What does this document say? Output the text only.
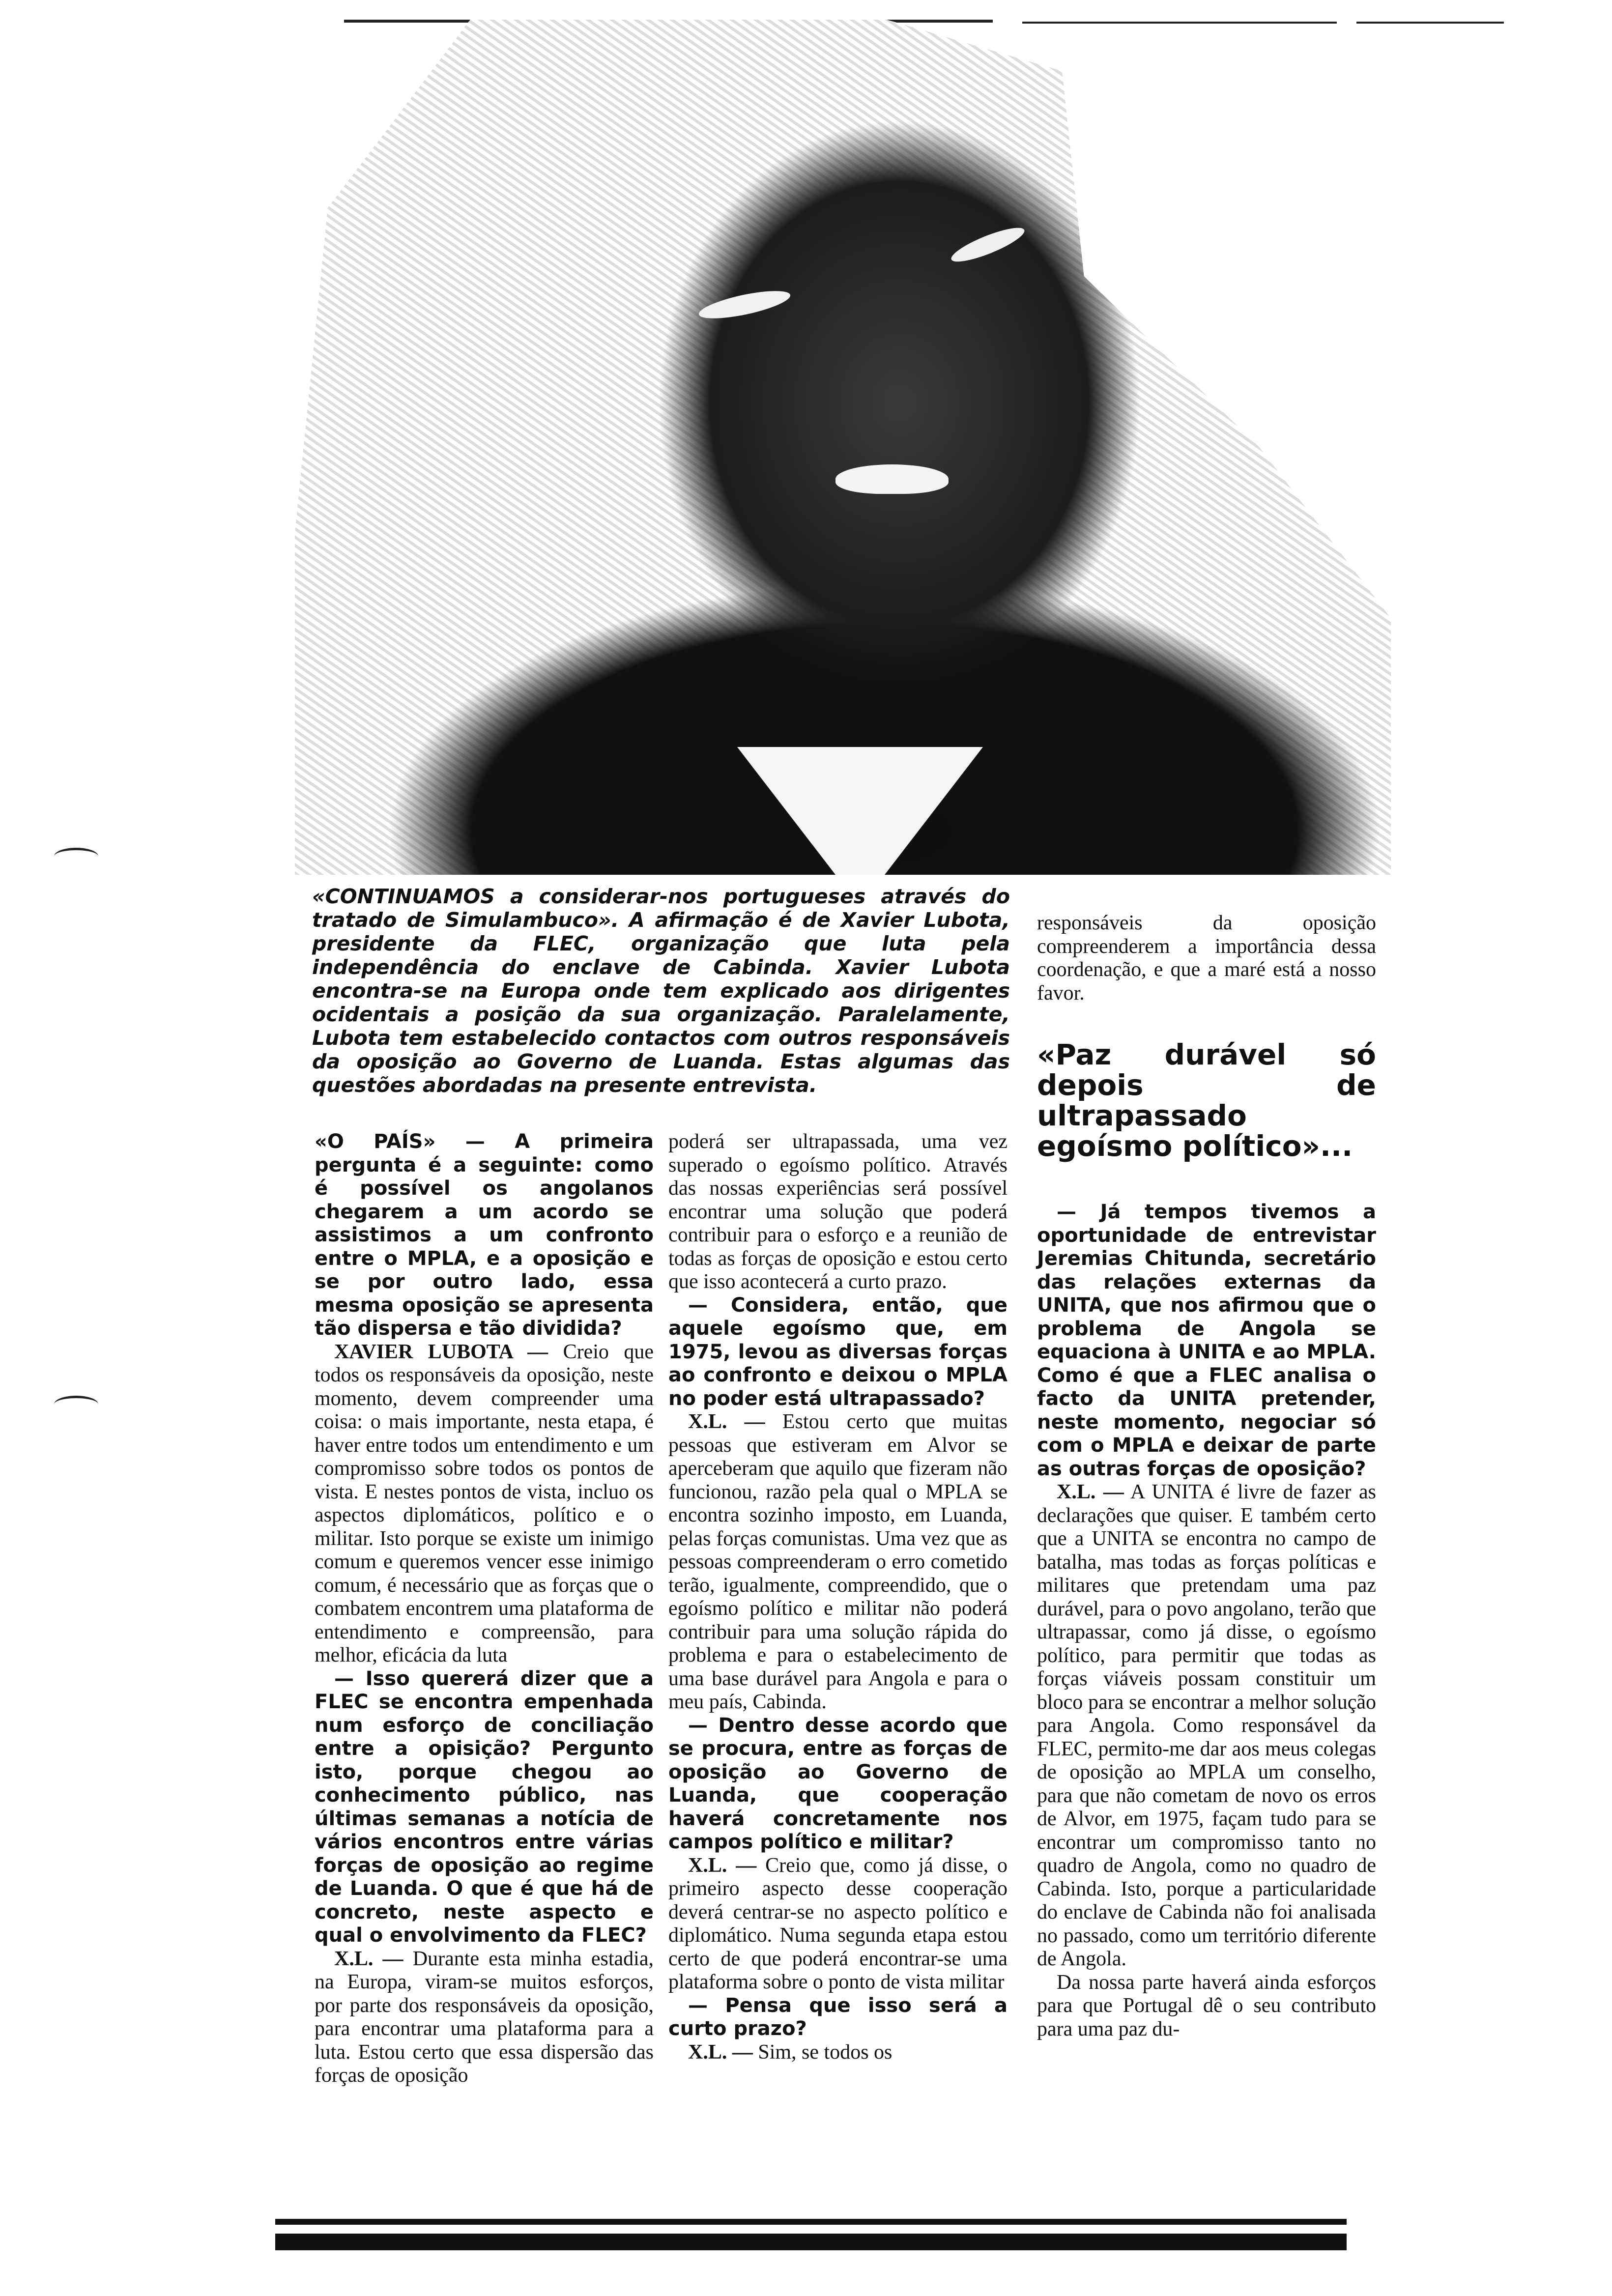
«CONTINUAMOS a considerar-nos portugueses através do tratado de Simulambuco». A afirmação é de Xavier Lubota, presidente da FLEC, organização que luta pela independência do enclave de Cabinda. Xavier Lubota encontra-se na Europa onde tem explicado aos dirigentes ocidentais a posição da sua organização. Paralelamente, Lubota tem estabelecido contactos com outros responsáveis da oposição ao Governo de Luanda. Estas algumas das questões abordadas na presente entrevista.

«O PAÍS» — A primeira pergunta é a seguinte: como é possível os angolanos chegarem a um acordo se assistimos a um confronto entre o MPLA, e a oposição e se por outro lado, essa mesma oposição se apresenta tão dispersa e tão dividida?

XAVIER LUBOTA — Creio que todos os responsáveis da oposição, neste momento, devem compreender uma coisa: o mais importante, nesta etapa, é haver entre todos um entendimento e um compromisso sobre todos os pontos de vista. E nestes pontos de vista, incluo os aspectos diplomáticos, político e o militar. Isto porque se existe um inimigo comum e queremos vencer esse inimigo comum, é necessário que as forças que o combatem encontrem uma plataforma de entendimento e compreensão, para melhor, eficácia da luta

— Isso quererá dizer que a FLEC se encontra empenhada num esforço de conciliação entre a opisição? Pergunto isto, porque chegou ao conhecimento público, nas últimas semanas a notícia de vários encontros entre várias forças de oposição ao regime de Luanda. O que é que há de concreto, neste aspecto e qual o envolvimento da FLEC?

X.L. — Durante esta minha estadia, na Europa, viram-se muitos esforços, por parte dos responsáveis da oposição, para encontrar uma plataforma para a luta. Estou certo que essa dispersão das forças de oposição

poderá ser ultrapassada, uma vez superado o egoísmo político. Através das nossas experiências será possível encontrar uma solução que poderá contribuir para o esforço e a reunião de todas as forças de oposição e estou certo que isso acontecerá a curto prazo.

— Considera, então, que aquele egoísmo que, em 1975, levou as diversas forças ao confronto e deixou o MPLA no poder está ultrapassado?

X.L. — Estou certo que muitas pessoas que estiveram em Alvor se aperceberam que aquilo que fizeram não funcionou, razão pela qual o MPLA se encontra sozinho imposto, em Luanda, pelas forças comunistas. Uma vez que as pessoas compreenderam o erro cometido terão, igualmente, compreendido, que o egoísmo político e militar não poderá contribuir para uma solução rápida do problema e para o estabelecimento de uma base durável para Angola e para o meu país, Cabinda.

— Dentro desse acordo que se procura, entre as forças de oposição ao Governo de Luanda, que cooperação haverá concretamente nos campos político e militar?

X.L. — Creio que, como já disse, o primeiro aspecto desse cooperação deverá centrar-se no aspecto político e diplomático. Numa segunda etapa estou certo de que poderá encontrar-se uma plataforma sobre o ponto de vista militar

— Pensa que isso será a curto prazo?

X.L. — Sim, se todos os

responsáveis da oposição compreenderem a importância dessa coordenação, e que a maré está a nosso favor.

«Paz durável só depois de ultrapassado egoísmo político»...

— Já tempos tivemos a oportunidade de entrevistar Jeremias Chitunda, secretário das relações externas da UNITA, que nos afirmou que o problema de Angola se equaciona à UNITA e ao MPLA. Como é que a FLEC analisa o facto da UNITA pretender, neste momento, negociar só com o MPLA e deixar de parte as outras forças de oposição?

X.L. — A UNITA é livre de fazer as declarações que quiser. E também certo que a UNITA se encontra no campo de batalha, mas todas as forças políticas e militares que pretendam uma paz durável, para o povo angolano, terão que ultrapassar, como já disse, o egoísmo político, para permitir que todas as forças viáveis possam constituir um bloco para se encontrar a melhor solução para Angola. Como responsável da FLEC, permito-me dar aos meus colegas de oposição ao MPLA um conselho, para que não cometam de novo os erros de Alvor, em 1975, façam tudo para se encontrar um compromisso tanto no quadro de Angola, como no quadro de Cabinda. Isto, porque a particularidade do enclave de Cabinda não foi analisada no passado, como um território diferente de Angola.

Da nossa parte haverá ainda esforços para que Portugal dê o seu contributo para uma paz du-
